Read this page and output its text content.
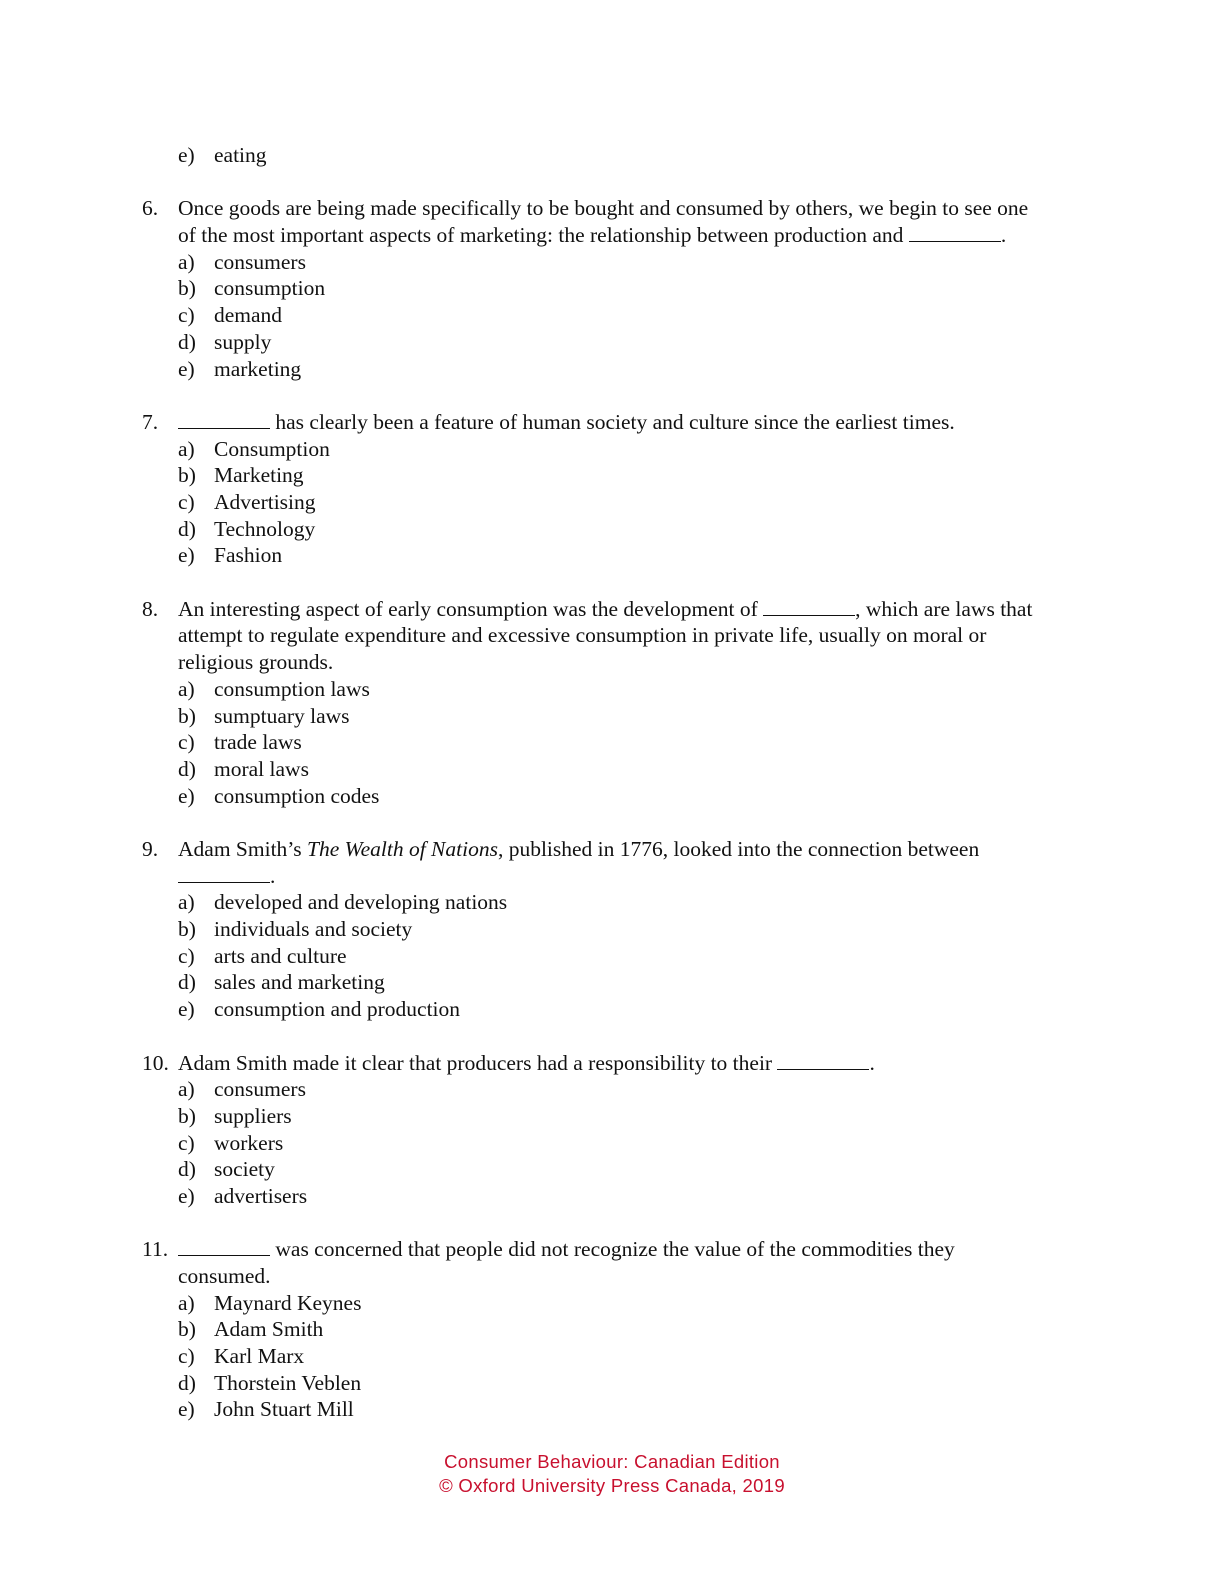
e) eating
6. Once goods are being made specifically to be bought and consumed by others, we begin to see one
of the most important aspects of marketing: the relationship between production and	.
a) consumers
b) consumption
c) demand
d) supply
e) marketing
7.	has clearly been a feature of human society and culture since the earliest times.
a) Consumption
b) Marketing
c) Advertising
d) Technology
e) Fashion
8. An interesting aspect of early consumption was the development of	, which are laws that
attempt to regulate expenditure and excessive consumption in private life, usually on moral or
religious grounds.
a) consumption laws
b) sumptuary laws
c) trade laws
d) moral laws
e) consumption codes
9. Adam Smith’s The Wealth of Nations, published in 1776, looked into the connection between
.
a) developed and developing nations
b) individuals and society
c) arts and culture
d) sales and marketing
e) consumption and production
10. Adam Smith made it clear that producers had a responsibility to their	.
a) consumers
b) suppliers
c) workers
d) society
e) advertisers
11.	was concerned that people did not recognize the value of the commodities they
consumed.
a) Maynard Keynes
b) Adam Smith
c) Karl Marx
d) Thorstein Veblen
e) John Stuart Mill
Consumer Behaviour: Canadian Edition
© Oxford University Press Canada, 2019
